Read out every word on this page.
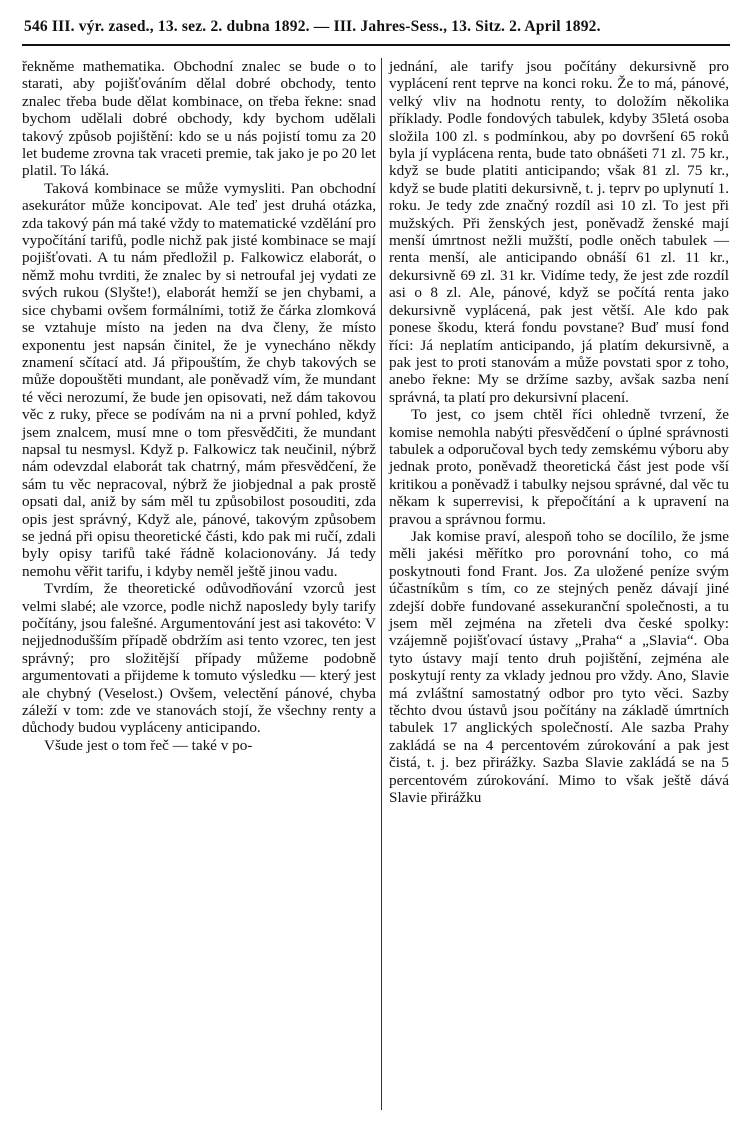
546 III. výr. zased., 13. sez. 2. dubna 1892. — III. Jahres-Sess., 13. Sitz. 2. April 1892.

řekněme mathematika. Obchodní znalec se bude o to starati, aby pojišťováním dělal dobré obchody, tento znalec třeba bude dělat kombinace, on třeba řekne: snad bychom udělali dobré obchody, kdy bychom udělali takový způsob pojištění: kdo se u nás pojistí tomu za 20 let budeme zrovna tak vraceti premie, tak jako je po 20 let platil. To láká.

Taková kombinace se může vymysliti. Pan obchodní asekurátor může koncipovat. Ale teď jest druhá otázka, zda takový pán má také vždy to matematické vzdělání pro vypočítání tarifů, podle nichž pak jisté kombinace se mají pojišťovati. A tu nám předložil p. Falkowicz elaborát, o němž mohu tvrditi, že znalec by si netroufal jej vydati ze svých rukou (Slyšte!), elaborát hemží se jen chybami, a sice chybami ovšem formálními, totiž že čárka zlomková se vztahuje místo na jeden na dva členy, že místo exponentu jest napsán činitel, že je vynecháno někdy znamení sčítací atd. Já připouštím, že chyb takových se může dopouštěti mundant, ale poněvadž vím, že mundant té věci nerozumí, že bude jen opisovati, než dám takovou věc z ruky, přece se podívám na ni a první pohled, když jsem znalcem, musí mne o tom přesvědčiti, že mundant napsal tu nesmysl. Když p. Falkowicz tak neučinil, nýbrž nám odevzdal elaborát tak chatrný, mám přesvědčení, že sám tu věc nepracoval, nýbrž že jiobjednal a pak prostě opsati dal, aniž by sám měl tu způsobilost posouditi, zda opis jest správný, Když ale, pánové, takovým způsobem se jedná při opisu theoretické části, kdo pak mi ručí, zdali byly opisy tarifů také řádně kolacionovány. Já tedy nemohu věřit tarifu, i kdyby neměl ještě jinou vadu.

Tvrdím, že theoretické odůvodňování vzorců jest velmi slabé; ale vzorce, podle nichž naposledy byly tarify počítány, jsou falešné. Argumentování jest asi takovéto: V nejjednodušším případě obdržím asi tento vzorec, ten jest správný; pro složitější případy můžeme podobně argumentovati a přijdeme k tomuto výsledku — který jest ale chybný (Veselost.) Ovšem, velectění pánové, chyba záleží v tom: zde ve stanovách stojí, že všechny renty a důchody budou vypláceny anticipando.

Všude jest o tom řeč — také v po-

jednání, ale tarify jsou počítány dekursivně pro vyplácení rent teprve na konci roku. Že to má, pánové, velký vliv na hodnotu renty, to doložím několika příklady. Podle fondových tabulek, kdyby 35letá osoba složila 100 zl. s podmínkou, aby po dovršení 65 roků byla jí vyplácena renta, bude tato obnášeti 71 zl. 75 kr., když se bude platiti anticipando; však 81 zl. 75 kr., když se bude platiti dekursivně, t. j. teprv po uplynutí 1. roku. Je tedy zde značný rozdíl asi 10 zl. To jest při mužských. Při ženských jest, poněvadž ženské mají menší úmrtnost nežli mužští, podle oněch tabulek — renta menší, ale anticipando obnáší 61 zl. 11 kr., dekursivně 69 zl. 31 kr. Vidíme tedy, že jest zde rozdíl asi o 8 zl. Ale, pánové, když se počítá renta jako dekursivně vyplácená, pak jest větší. Ale kdo pak ponese škodu, která fondu povstane? Buď musí fond říci: Já neplatím anticipando, já platím dekursivně, a pak jest to proti stanovám a může povstati spor z toho, anebo řekne: My se držíme sazby, avšak sazba není správná, ta platí pro dekursivní placení.

To jest, co jsem chtěl říci ohledně tvrzení, že komise nemohla nabýti přesvědčení o úplné správnosti tabulek a odporučoval bych tedy zemskému výboru aby jednak proto, poněvadž theoretická část jest pode vší kritikou a poněvadž i tabulky nejsou správné, dal věc tu někam k superrevisi, k přepočítání a k upravení na pravou a správnou formu.

Jak komise praví, alespoň toho se docílilo, že jsme měli jakési měřítko pro porovnání toho, co má poskytnouti fond Frant. Jos. Za uložené peníze svým účastníkům s tím, co ze stejných peněz dávají jiné zdejší dobře fundované assekuranční společnosti, a tu jsem měl zejména na zřeteli dva české spolky: vzájemně pojišťovací ústavy „Praha“ a „Slavia“. Oba tyto ústavy mají tento druh pojištění, zejména ale poskytují renty za vklady jednou pro vždy. Ano, Slavie má zvláštní samostatný odbor pro tyto věci. Sazby těchto dvou ústavů jsou počítány na základě úmrtních tabulek 17 anglických společností. Ale sazba Prahy zakládá se na 4 percentovém zúrokování a pak jest čistá, t. j. bez přirážky. Sazba Slavie zakládá se na 5 percentovém zúrokování. Mimo to však ještě dává Slavie přirážku
